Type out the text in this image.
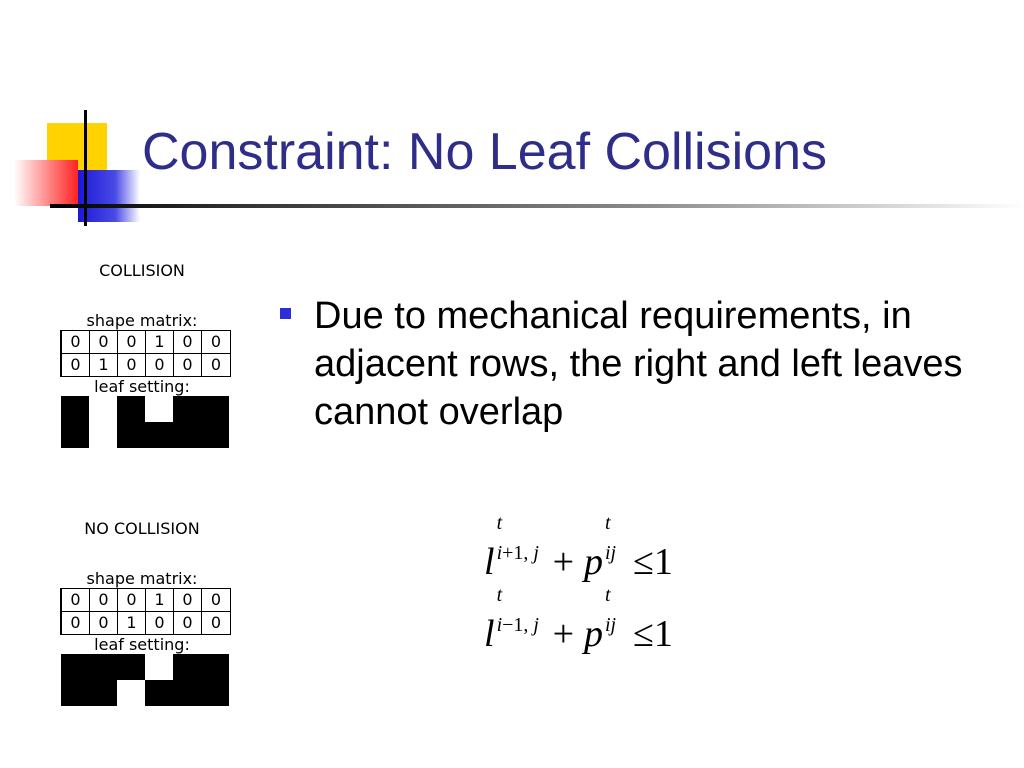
Constraint: No Leaf Collisions
COLLISION
shape matrix:
0	0	0	1	0	0
0	1	0	0	0	0
leaf setting:
NO COLLISION
shape matrix:
0	0	0	1	0	0
0	0	1	0	0	0
leaf setting:

Due to mechanical requirements, in adjacent rows, the right and left leaves cannot overlap

l
t
i+1, j + p
t
ij ≤1
l
t
i−1, j + p
t
ij ≤1
